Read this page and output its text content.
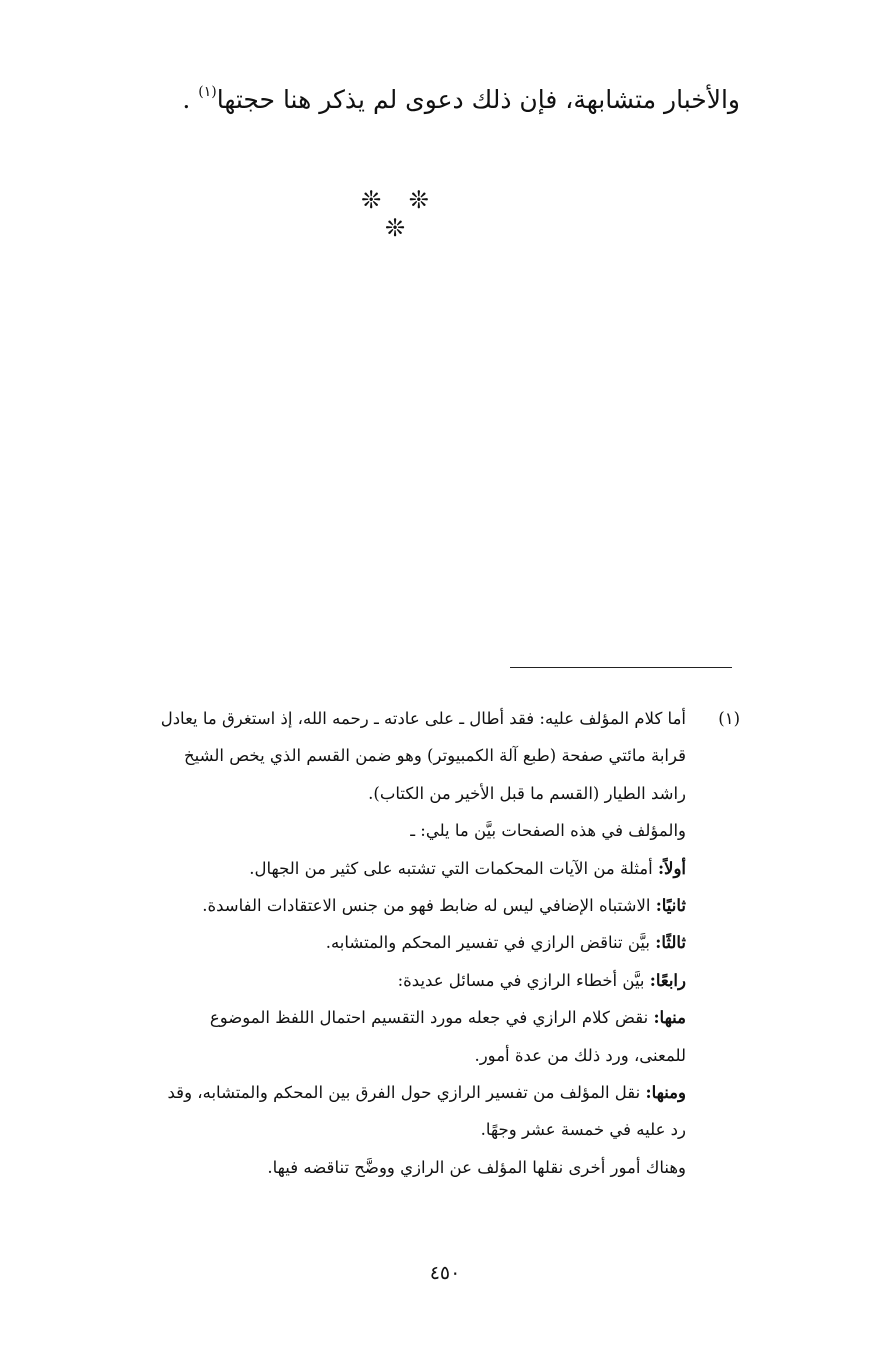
والأخبار متشابهة، فإن ذلك دعوى لم يذكر هنا حجتها$^{(١)}$ .
❊ ❊ ❊
(١)
أما كلام المؤلف عليه: فقد أطال ـ على عادته ـ رحمه الله، إذ استغرق ما يعادل
قرابة مائتي صفحة (طبع آلة الكمبيوتر) وهو ضمن القسم الذي يخص الشيخ
راشد الطيار (القسم ما قبل الأخير من الكتاب).
والمؤلف في هذه الصفحات بيَّن ما يلي: ـ
أولاً: أمثلة من الآيات المحكمات التي تشتبه على كثير من الجهال.
ثانيًا: الاشتباه الإضافي ليس له ضابط فهو من جنس الاعتقادات الفاسدة.
ثالثًا: بيَّن تناقض الرازي في تفسير المحكم والمتشابه.
رابعًا: بيَّن أخطاء الرازي في مسائل عديدة:
منها: نقض كلام الرازي في جعله مورد التقسيم احتمال اللفظ الموضوع
للمعنى، ورد ذلك من عدة أمور.
ومنها: نقل المؤلف من تفسير الرازي حول الفرق بين المحكم والمتشابه، وقد
رد عليه في خمسة عشر وجهًا.
وهناك أمور أخرى نقلها المؤلف عن الرازي ووضَّح تناقضه فيها.
٤٥٠
